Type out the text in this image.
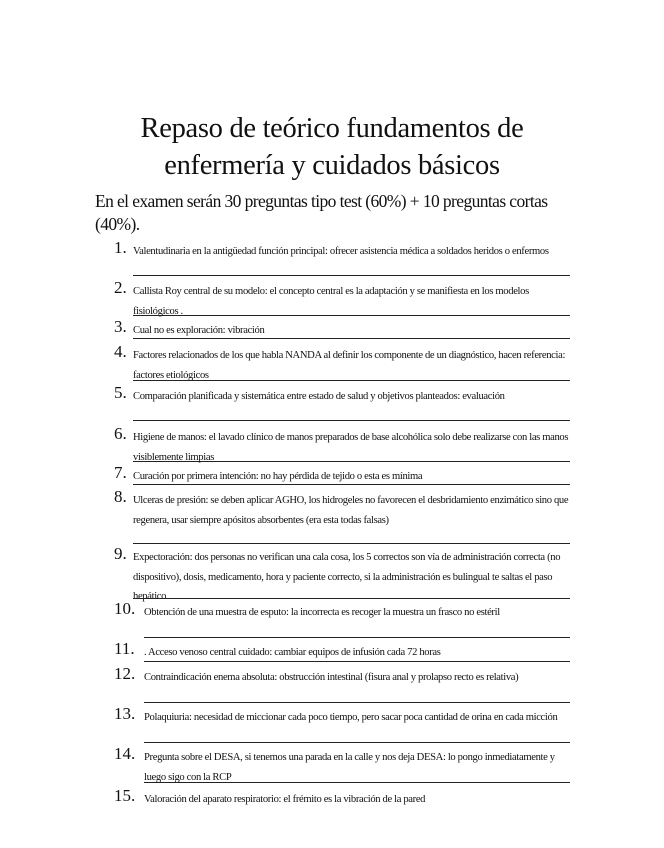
Repaso de teórico fundamentos de
enfermería y cuidados básicos
En el examen serán 30 preguntas tipo test (60%) + 10 preguntas cortas (40%).
1. Valentudinaria en la antigüedad función principal: ofrecer asistencia médica a soldados heridos o enfermos
2. Callista Roy central de su modelo: el concepto central es la adaptación y se manifiesta en los modelos fisiológicos .
3. Cual no es exploración: vibración
4. Factores relacionados de los que habla NANDA al definir los componente de un diagnóstico, hacen referencia: factores etiológicos
5. Comparación planificada y sistemática entre estado de salud y objetivos planteados: evaluación
6. Higiene de manos: el lavado clínico de manos preparados de base alcohólica solo debe realizarse con las manos visiblemente limpias
7. Curación por primera intención: no hay pérdida de tejido o esta es mínima
8. Ulceras de presión: se deben aplicar AGHO, los hidrogeles no favorecen el desbridamiento enzimático sino que regenera, usar siempre apósitos absorbentes (era esta todas falsas)
9. Expectoración: dos personas no verifican una cala cosa, los 5 correctos son vía de administración correcta (no dispositivo), dosis, medicamento, hora y paciente correcto, si la administración es bulingual te saltas el paso hepático
10. Obtención de una muestra de esputo: la incorrecta es recoger la muestra un frasco no estéril
11. . Acceso venoso central cuidado: cambiar equipos de infusión cada 72 horas
12. Contraindicación enema absoluta: obstrucción intestinal (fisura anal y prolapso recto es relativa)
13. Polaquiuria: necesidad de miccionar cada poco tiempo, pero sacar poca cantidad de orina en cada micción
14. Pregunta sobre el DESA, si tenemos una parada en la calle y nos deja DESA: lo pongo inmediatamente y luego sigo con la RCP
15. Valoración del aparato respiratorio: el frémito es la vibración de la pared
